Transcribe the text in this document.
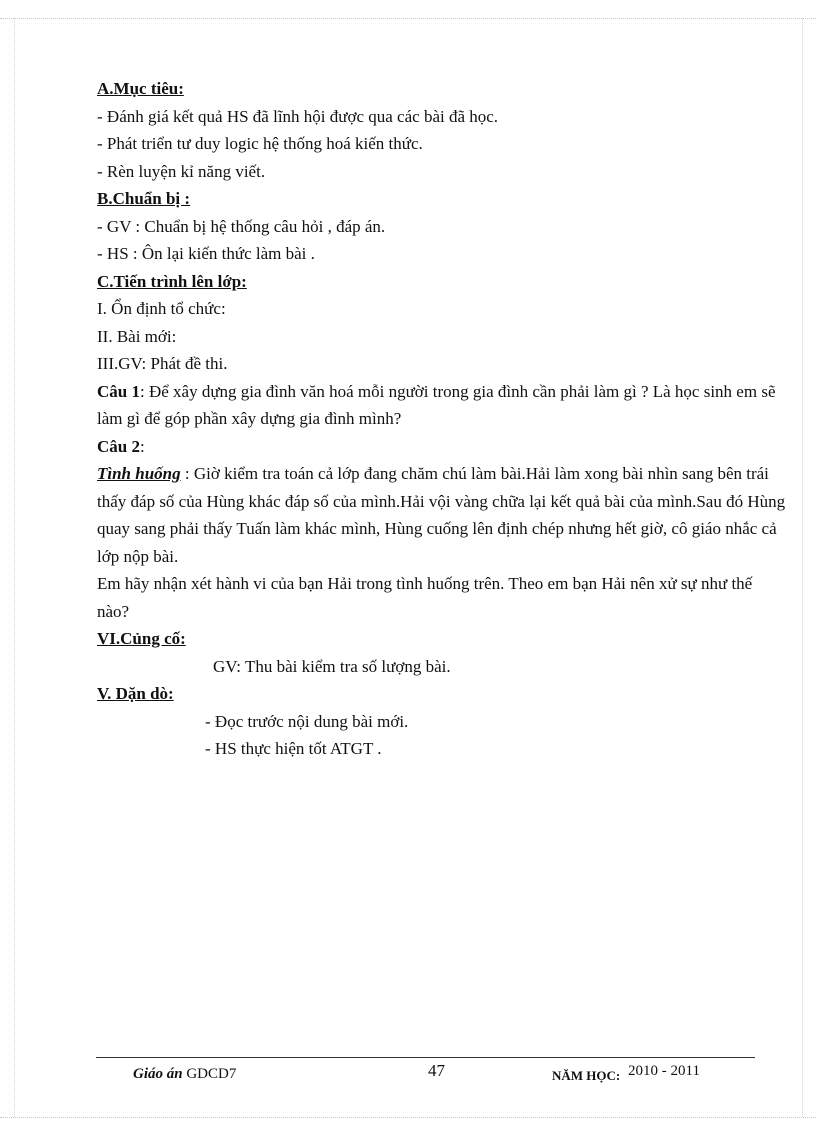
A.Mục tiêu:
- Đánh giá kết quả HS đã lĩnh hội được qua các bài đã học.
- Phát triển tư duy logic hệ thống hoá kiến thức.
- Rèn luyện kỉ năng viết.
B.Chuẩn bị :
- GV : Chuẩn bị hệ thống câu hỏi , đáp án.
- HS : Ôn lại kiến thức làm bài .
C.Tiến trình lên lớp:
I. Ổn định tổ chức:
II. Bài mới:
III.GV: Phát đề thi.
Câu 1: Để xây dựng gia đình văn hoá mỗi người trong gia đình cần phải làm gì ? Là học sinh em sẽ làm gì để góp phần xây dựng gia đình mình?
Câu 2:
Tình huống : Giờ kiểm tra toán cả lớp đang chăm chú làm bài.Hải làm xong bài nhìn sang bên trái thấy đáp số của Hùng khác đáp số của mình.Hải vội vàng chữa lại kết quả bài của mình.Sau đó Hùng quay sang phải thấy Tuấn làm khác mình, Hùng cuống lên định chép nhưng hết giờ, cô giáo nhắc cả lớp nộp bài.
Em hãy nhận xét hành vi của bạn Hải trong tình huống trên. Theo em bạn Hải nên xử sự như thế nào?
VI.Củng cố:
GV: Thu bài kiểm tra số lượng bài.
V. Dặn dò:
- Đọc trước nội dung bài mới.
- HS thực hiện tốt ATGT .
Giáo án GDCD7	47	NĂM HỌC: 2010 - 2011
